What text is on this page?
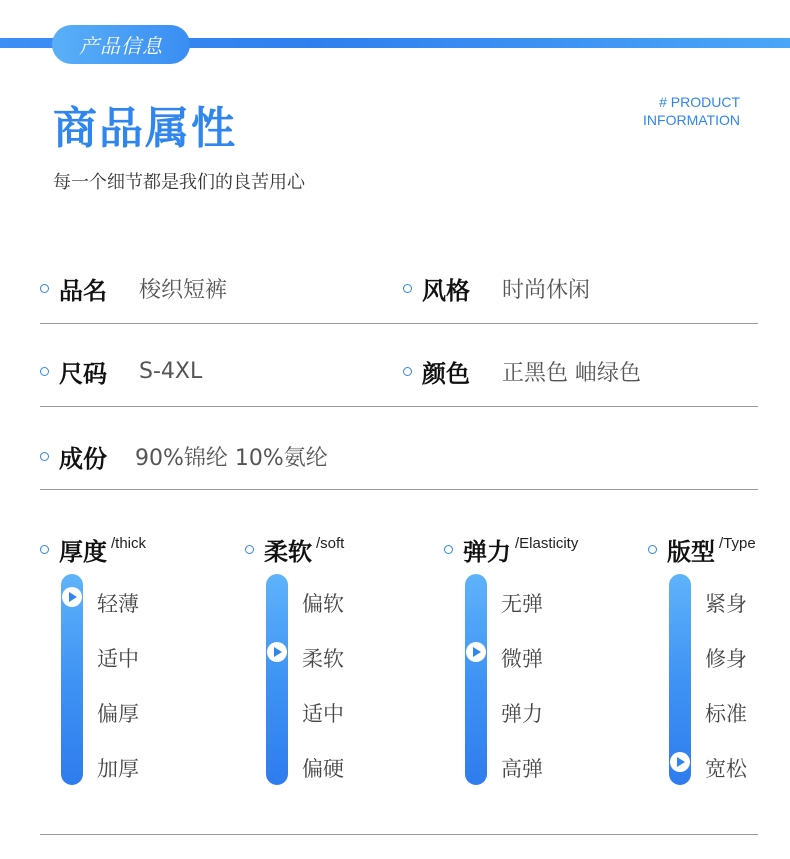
产品信息
商品属性
# PRODUCT
INFORMATION
每一个细节都是我们的良苦用心
品名 梭织短裤	风格 时尚休闲
尺码 S-4XL	颜色 正黑色 岫绿色
成份 90%锦纶 10%氨纶
厚度 /thick
轻薄
适中
偏厚
加厚
柔软 /soft
偏软
柔软
适中
偏硬
弹力 /Elasticity
无弹
微弹
弹力
高弹
版型 /Type
紧身
修身
标准
宽松
